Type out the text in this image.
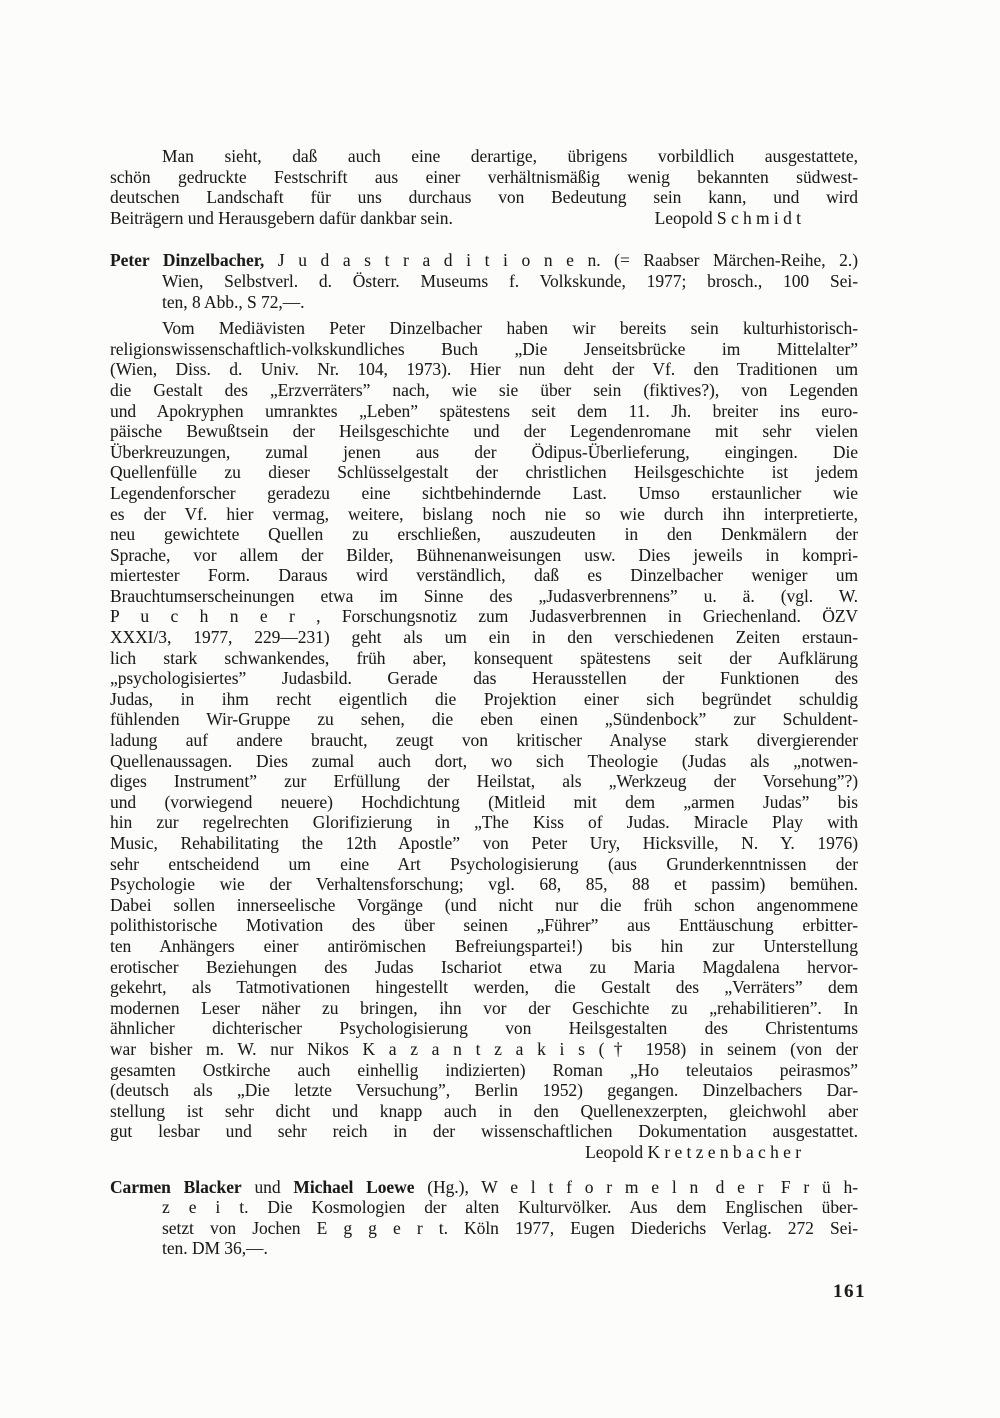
Man sieht, daß auch eine derartige, übrigens vorbildlich ausgestattete,
schön gedruckte Festschrift aus einer verhältnismäßig wenig bekannten südwest-
deutschen Landschaft für uns durchaus von Bedeutung sein kann, und wird
Beiträgern und Herausgebern dafür dankbar sein.	Leopold S c h m i d t
Peter Dinzelbacher, J u d a s t r a d i t i o n e n. (= Raabser Märchen-Reihe, 2.)
Wien, Selbstverl. d. Österr. Museums f. Volkskunde, 1977; brosch., 100 Sei-
ten, 8 Abb., S 72,—.
Vom Mediävisten Peter Dinzelbacher haben wir bereits sein kulturhistorisch-
religionswissenschaftlich-volkskundliches Buch „Die Jenseitsbrücke im Mittelalter”
(Wien, Diss. d. Univ. Nr. 104, 1973). Hier nun deht der Vf. den Traditionen um
die Gestalt des „Erzverräters” nach, wie sie über sein (fiktives?), von Legenden
und Apokryphen umranktes „Leben” spätestens seit dem 11. Jh. breiter ins euro-
päische Bewußtsein der Heilsgeschichte und der Legendenromane mit sehr vielen
Überkreuzungen, zumal jenen aus der Ödipus-Überlieferung, eingingen. Die
Quellenfülle zu dieser Schlüsselgestalt der christlichen Heilsgeschichte ist jedem
Legendenforscher geradezu eine sichtbehindernde Last. Umso erstaunlicher wie
es der Vf. hier vermag, weitere, bislang noch nie so wie durch ihn interpretierte,
neu gewichtete Quellen zu erschließen, auszudeuten in den Denkmälern der
Sprache, vor allem der Bilder, Bühnenanweisungen usw. Dies jeweils in kompri-
miertester Form. Daraus wird verständlich, daß es Dinzelbacher weniger um
Brauchtumserscheinungen etwa im Sinne des „Judasverbrennens” u. ä. (vgl. W.
P u c h n e r , Forschungsnotiz zum Judasverbrennen in Griechenland. ÖZV
XXXI/3, 1977, 229—231) geht als um ein in den verschiedenen Zeiten erstaun-
lich stark schwankendes, früh aber, konsequent spätestens seit der Aufklärung
„psychologisiertes” Judasbild. Gerade das Herausstellen der Funktionen des
Judas, in ihm recht eigentlich die Projektion einer sich begründet schuldig
fühlenden Wir-Gruppe zu sehen, die eben einen „Sündenbock” zur Schuldent-
ladung auf andere braucht, zeugt von kritischer Analyse stark divergierender
Quellenaussagen. Dies zumal auch dort, wo sich Theologie (Judas als „notwen-
diges Instrument” zur Erfüllung der Heilstat, als „Werkzeug der Vorsehung”?)
und (vorwiegend neuere) Hochdichtung (Mitleid mit dem „armen Judas” bis
hin zur regelrechten Glorifizierung in „The Kiss of Judas. Miracle Play with
Music, Rehabilitating the 12th Apostle” von Peter Ury, Hicksville, N. Y. 1976)
sehr entscheidend um eine Art Psychologisierung (aus Grunderkenntnissen der
Psychologie wie der Verhaltensforschung; vgl. 68, 85, 88 et passim) bemühen.
Dabei sollen innerseelische Vorgänge (und nicht nur die früh schon angenommene
polithistorische Motivation des über seinen „Führer” aus Enttäuschung erbitter-
ten Anhängers einer antirömischen Befreiungspartei!) bis hin zur Unterstellung
erotischer Beziehungen des Judas Ischariot etwa zu Maria Magdalena hervor-
gekehrt, als Tatmotivationen hingestellt werden, die Gestalt des „Verräters” dem
modernen Leser näher zu bringen, ihn vor der Geschichte zu „rehabilitieren”. In
ähnlicher dichterischer Psychologisierung von Heilsgestalten des Christentums
war bisher m. W. nur Nikos K a z a n t z a k i s († 1958) in seinem (von der
gesamten Ostkirche auch einhellig indizierten) Roman „Ho teleutaios peirasmos”
(deutsch als „Die letzte Versuchung”, Berlin 1952) gegangen. Dinzelbachers Dar-
stellung ist sehr dicht und knapp auch in den Quellenexzerpten, gleichwohl aber
gut lesbar und sehr reich in der wissenschaftlichen Dokumentation ausgestattet.
Leopold K r e t z e n b a c h e r
Carmen Blacker und Michael Loewe (Hg.), W e l t f o r m e l n d e r F r ü h-
z e i t. Die Kosmologien der alten Kulturvölker. Aus dem Englischen über-
setzt von Jochen E g g e r t. Köln 1977, Eugen Diederichs Verlag. 272 Sei-
ten. DM 36,—.
161
